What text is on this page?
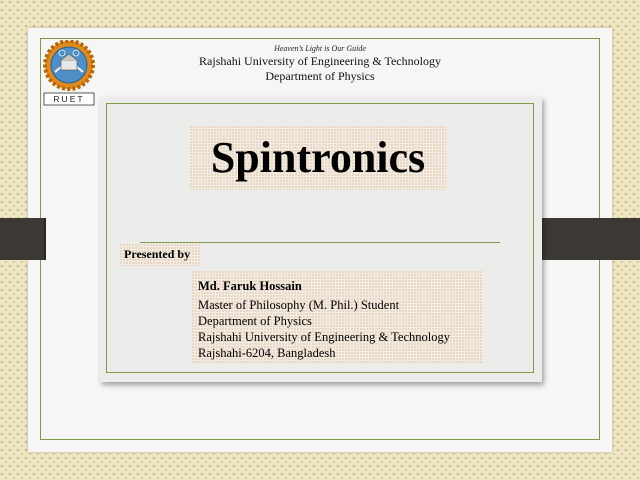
RUET
Heaven’s Light is Our Guide
Rajshahi University of Engineering & Technology
Department of Physics
Spintronics
Presented by
Md. Faruk Hossain
Master of Philosophy (M. Phil.) Student
Department of Physics
Rajshahi University of Engineering & Technology
Rajshahi-6204, Bangladesh
